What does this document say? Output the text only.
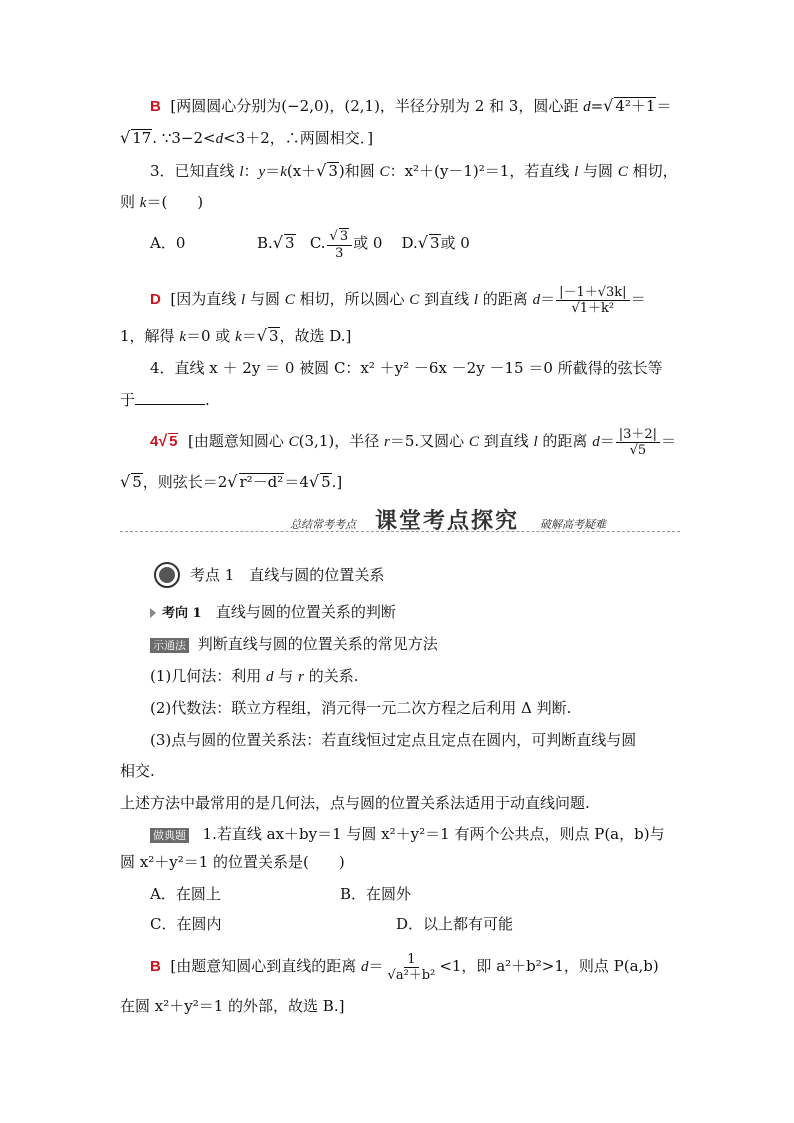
B [两圆圆心分别为(−2,0)，(2,1)，半径分别为 2 和 3，圆心距 d=√ 4²＋1＝
√ 17. ∵3−2<d<3＋2，∴两圆相交．]
3．已知直线 l：y＝k(x＋√ 3)和圆 C：x²＋(y－1)²＝1，若直线 l 与圆 C 相切，
则 k＝(　　)
A．0	B.√ 3 C. $\frac{√ 3}{3}$ 或 0 D.√ 3或 0
D [因为直线 l 与圆 C 相切，所以圆心 C 到直线 l 的距离 $d= \frac{|-1+√3k|}{\text{√1＋k²}}$ ＝
1，解得 k＝0 或 k＝√ 3，故选 D.]
4．直线 x ＋ 2y ＝ 0 被圆 C：x² ＋y² －6x －2y －15 ＝0 所截得的弦长等
于	.
4√ 5 [由题意知圆心 C(3,1)，半径 r＝5.又圆心 C 到直线 l 的距离 $d= \frac{|3+2|}{√5}$ ＝
√ 5，则弦长＝2√ r²－d²＝4√ 5.]
总结常考考点 课堂考点探究 破解高考疑难
考点 1　直线与圆的位置关系
考向 1 直线与圆的位置关系的判断
示通法 判断直线与圆的位置关系的常见方法
(1)几何法：利用 d 与 r 的关系.
(2)代数法：联立方程组，消元得一元二次方程之后利用 Δ 判断.
(3)点与圆的位置关系法：若直线恒过定点且定点在圆内，可判断直线与圆
相交.
上述方法中最常用的是几何法，点与圆的位置关系法适用于动直线问题.
做典题 1.若直线 ax＋by＝1 与圆 x²＋y²＝1 有两个公共点，则点 P(a，b)与
圆 x²＋y²＝1 的位置关系是(　　)
A．在圆上	B．在圆外
C．在圆内	D．以上都有可能
B [由题意知圆心到直线的距离 $d= \frac{1}{\text{√a²＋b²}} <1$，即 a²＋b²>1，则点 P(a,b)
在圆 x²＋y²＝1 的外部，故选 B.]
